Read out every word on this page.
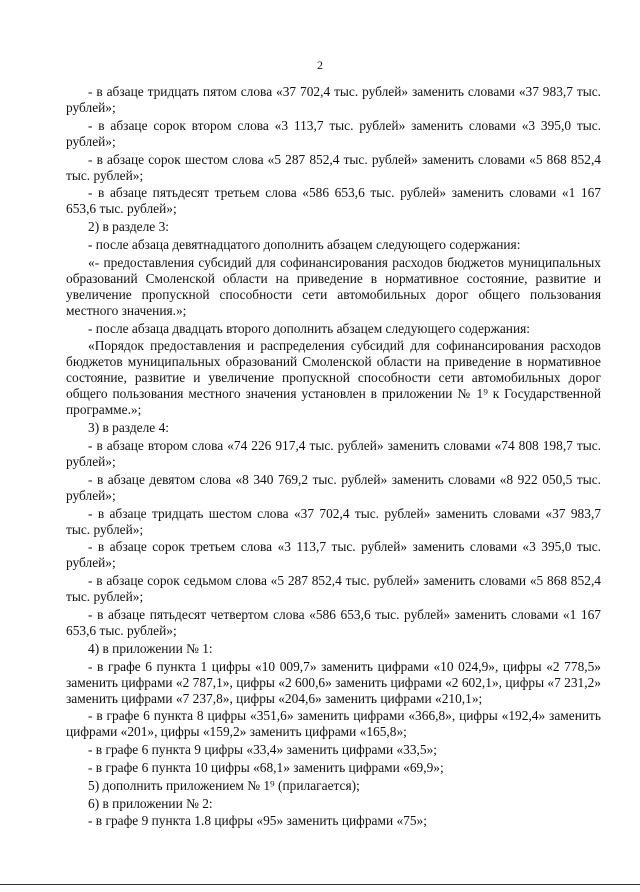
2

- в абзаце тридцать пятом слова «37 702,4 тыс. рублей» заменить словами «37 983,7 тыс. рублей»;

- в абзаце сорок втором слова «3 113,7 тыс. рублей» заменить словами «3 395,0 тыс. рублей»;

- в абзаце сорок шестом слова «5 287 852,4 тыс. рублей» заменить словами «5 868 852,4 тыс. рублей»;

- в абзаце пятьдесят третьем слова «586 653,6 тыс. рублей» заменить словами «1 167 653,6 тыс. рублей»;

2) в разделе 3:

- после абзаца девятнадцатого дополнить абзацем следующего содержания:

«- предоставления субсидий для софинансирования расходов бюджетов муниципальных образований Смоленской области на приведение в нормативное состояние, развитие и увеличение пропускной способности сети автомобильных дорог общего пользования местного значения.»;

- после абзаца двадцать второго дополнить абзацем следующего содержания:

«Порядок предоставления и распределения субсидий для софинансирования расходов бюджетов муниципальных образований Смоленской области на приведение в нормативное состояние, развитие и увеличение пропускной способности сети автомобильных дорог общего пользования местного значения установлен в приложении № 1⁹ к Государственной программе.»;

3) в разделе 4:

- в абзаце втором слова «74 226 917,4 тыс. рублей» заменить словами «74 808 198,7 тыс. рублей»;

- в абзаце девятом слова «8 340 769,2 тыс. рублей» заменить словами «8 922 050,5 тыс. рублей»;

- в абзаце тридцать шестом слова «37 702,4 тыс. рублей» заменить словами «37 983,7 тыс. рублей»;

- в абзаце сорок третьем слова «3 113,7 тыс. рублей» заменить словами «3 395,0 тыс. рублей»;

- в абзаце сорок седьмом слова «5 287 852,4 тыс. рублей» заменить словами «5 868 852,4 тыс. рублей»;

- в абзаце пятьдесят четвертом слова «586 653,6 тыс. рублей» заменить словами «1 167 653,6 тыс. рублей»;

4) в приложении № 1:

- в графе 6 пункта 1 цифры «10 009,7» заменить цифрами «10 024,9», цифры «2 778,5» заменить цифрами «2 787,1», цифры «2 600,6» заменить цифрами «2 602,1», цифры «7 231,2» заменить цифрами «7 237,8», цифры «204,6» заменить цифрами «210,1»;

- в графе 6 пункта 8 цифры «351,6» заменить цифрами «366,8», цифры «192,4» заменить цифрами «201», цифры «159,2» заменить цифрами «165,8»;

- в графе 6 пункта 9 цифры «33,4» заменить цифрами «33,5»;

- в графе 6 пункта 10 цифры «68,1» заменить цифрами «69,9»;

5) дополнить приложением № 1⁹ (прилагается);

6) в приложении № 2:

- в графе 9 пункта 1.8 цифры «95» заменить цифрами «75»;
